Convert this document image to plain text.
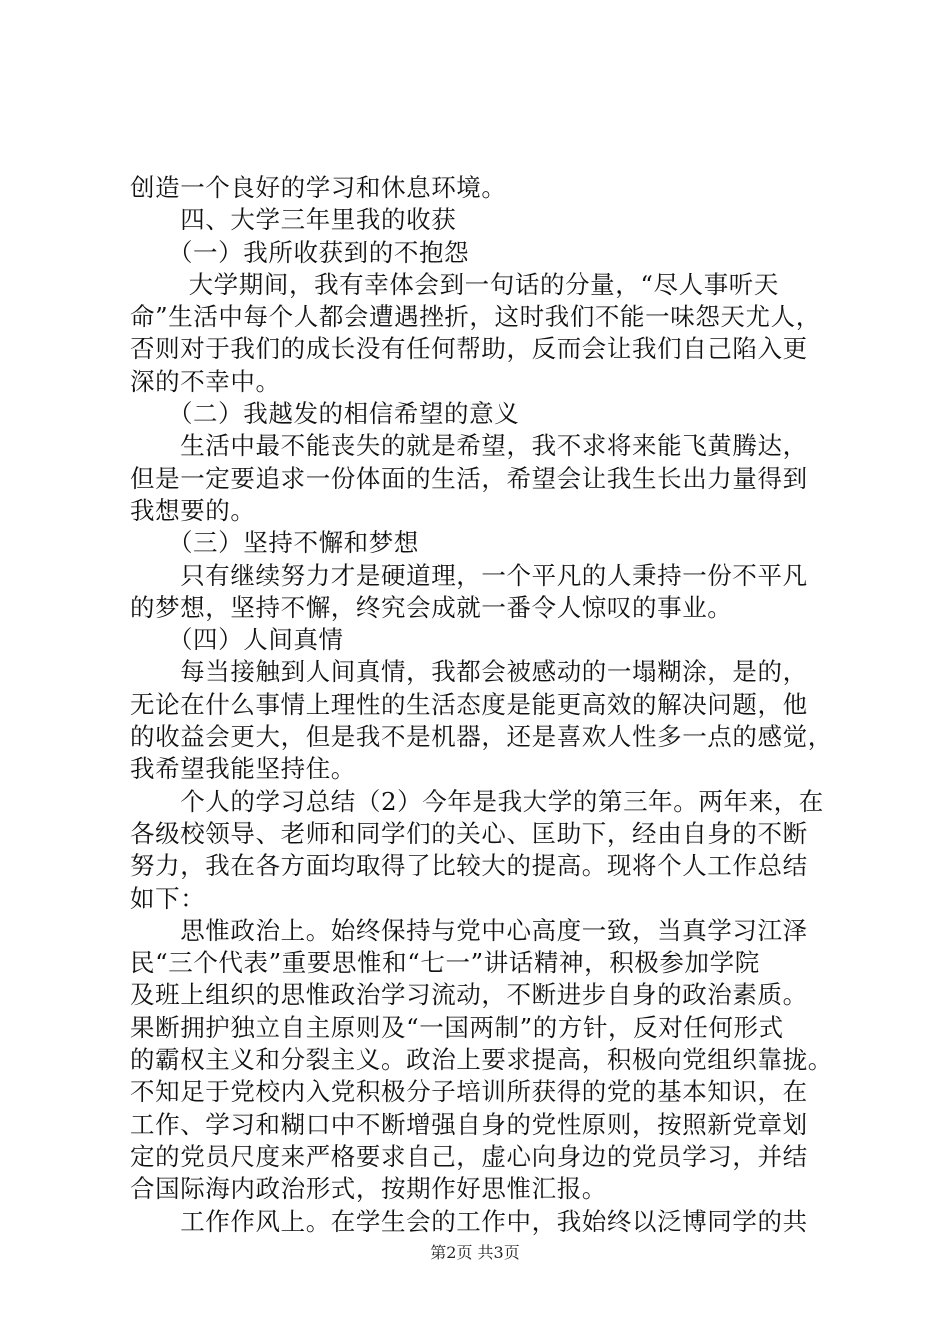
创造一个良好的学习和休息环境。
　　四、大学三年里我的收获
　　（一）我所收获到的不抱怨
　　 大学期间，我有幸体会到一句话的分量，“尽人事听天
命”生活中每个人都会遭遇挫折，这时我们不能一味怨天尤人，
否则对于我们的成长没有任何帮助，反而会让我们自己陷入更
深的不幸中。
　　（二）我越发的相信希望的意义
　　生活中最不能丧失的就是希望，我不求将来能飞黄腾达，
但是一定要追求一份体面的生活，希望会让我生长出力量得到
我想要的。
　　（三）坚持不懈和梦想
　　只有继续努力才是硬道理，一个平凡的人秉持一份不平凡
的梦想，坚持不懈，终究会成就一番令人惊叹的事业。
　　（四）人间真情
　　每当接触到人间真情，我都会被感动的一塌糊涂，是的，
无论在什么事情上理性的生活态度是能更高效的解决问题，他
的收益会更大，但是我不是机器，还是喜欢人性多一点的感觉，
我希望我能坚持住。
　　个人的学习总结（2）今年是我大学的第三年。两年来，在
各级校领导、老师和同学们的关心、匡助下，经由自身的不断
努力，我在各方面均取得了比较大的提高。现将个人工作总结
如下：
　　思惟政治上。始终保持与党中心高度一致，当真学习江泽
民“三个代表”重要思惟和“七一”讲话精神，积极参加学院
及班上组织的思惟政治学习流动，不断进步自身的政治素质。
果断拥护独立自主原则及“一国两制”的方针，反对任何形式
的霸权主义和分裂主义。政治上要求提高，积极向党组织靠拢。
不知足于党校内入党积极分子培训所获得的党的基本知识，在
工作、学习和糊口中不断增强自身的党性原则，按照新党章划
定的党员尺度来严格要求自己，虚心向身边的党员学习，并结
合国际海内政治形式，按期作好思惟汇报。
　　工作作风上。在学生会的工作中，我始终以泛博同学的共
第2页 共3页
